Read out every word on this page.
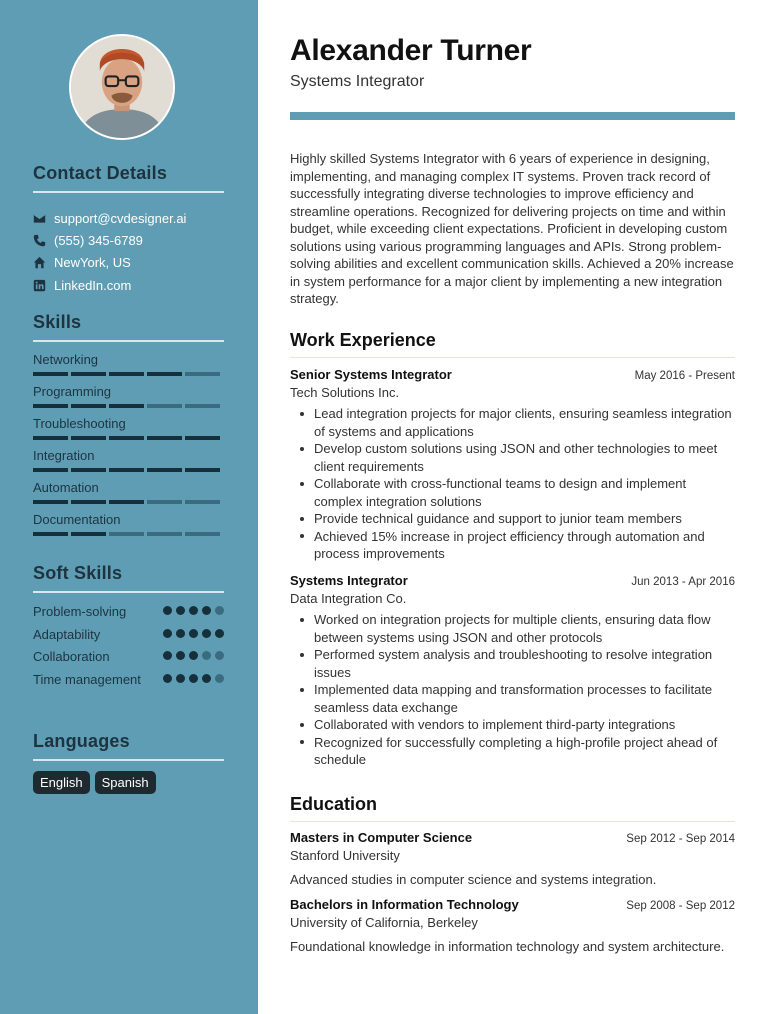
Contact Details
support@cvdesigner.ai
(555) 345-6789
NewYork, US
LinkedIn.com
Skills
Networking
Programming
Troubleshooting
Integration
Automation
Documentation
Soft Skills
Problem-solving
Adaptability
Collaboration
Time management
Languages
English	Spanish
Alexander Turner
Systems Integrator

Highly skilled Systems Integrator with 6 years of experience in designing, implementing, and managing complex IT systems. Proven track record of successfully integrating diverse technologies to improve efficiency and streamline operations. Recognized for delivering projects on time and within budget, while exceeding client expectations. Proficient in developing custom solutions using various programming languages and APIs. Strong problem-solving abilities and excellent communication skills. Achieved a 20% increase in system performance for a major client by implementing a new integration strategy.

Work Experience
Senior Systems Integrator	May 2016 - Present
Tech Solutions Inc.
Lead integration projects for major clients, ensuring seamless integration of systems and applications
Develop custom solutions using JSON and other technologies to meet client requirements
Collaborate with cross-functional teams to design and implement complex integration solutions
Provide technical guidance and support to junior team members
Achieved 15% increase in project efficiency through automation and process improvements
Systems Integrator	Jun 2013 - Apr 2016
Data Integration Co.
Worked on integration projects for multiple clients, ensuring data flow between systems using JSON and other protocols
Performed system analysis and troubleshooting to resolve integration issues
Implemented data mapping and transformation processes to facilitate seamless data exchange
Collaborated with vendors to implement third-party integrations
Recognized for successfully completing a high-profile project ahead of schedule
Education
Masters in Computer Science	Sep 2012 - Sep 2014
Stanford University
Advanced studies in computer science and systems integration.
Bachelors in Information Technology	Sep 2008 - Sep 2012
University of California, Berkeley
Foundational knowledge in information technology and system architecture.
